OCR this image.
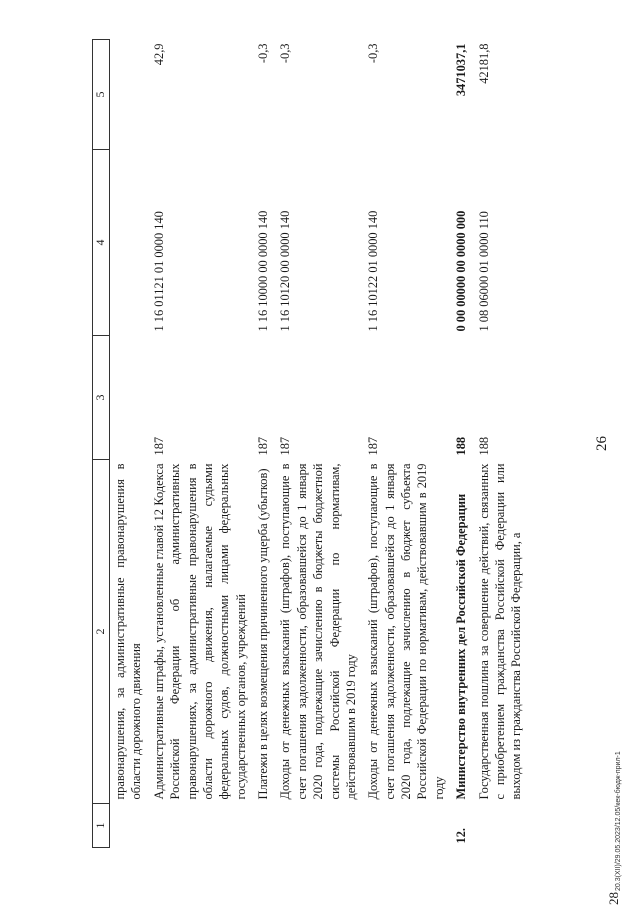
26
1	2	3	4	5
	правонарушения, за административные правонарушения в области дорожного движения			
	Административные штрафы, установленные главой 12 Кодекса Российской Федерации об административных правонарушениях, за административные правонарушения в области дорожного движения, налагаемые судьями федеральных судов, должностными лицами федеральных государственных органов, учреждений	187	1 16 01121 01 0000 140	42,9
	Платежи в целях возмещения причиненного ущерба (убытков)	187	1 16 10000 00 0000 140	-0,3
	Доходы от денежных взысканий (штрафов), поступающие в счет погашения задолженности, образовавшейся до 1 января 2020 года, подлежащие зачислению в бюджеты бюджетной системы Российской Федерации по нормативам, действовавшим в 2019 году	187	1 16 10120 00 0000 140	-0,3
	Доходы от денежных взысканий (штрафов), поступающие в счет погашения задолженности, образовавшейся до 1 января 2020 года, подлежащие зачислению в бюджет субъекта Российской Федерации по нормативам, действовавшим в 2019 году	187	1 16 10122 01 0000 140	-0,3
12.	Министерство внутренних дел Российской Федерации	188	0 00 00000 00 0000 000	3471037,1
	Государственная пошлина за совершение действий, связанных с приобретением гражданства Российской Федерации или выходом из гражданства Российской Федерации, а	188	1 08 06000 01 0000 110	42181,8
28
20.3(XII)/29.05.2023/12.05/кек-бюдж-прил-1
